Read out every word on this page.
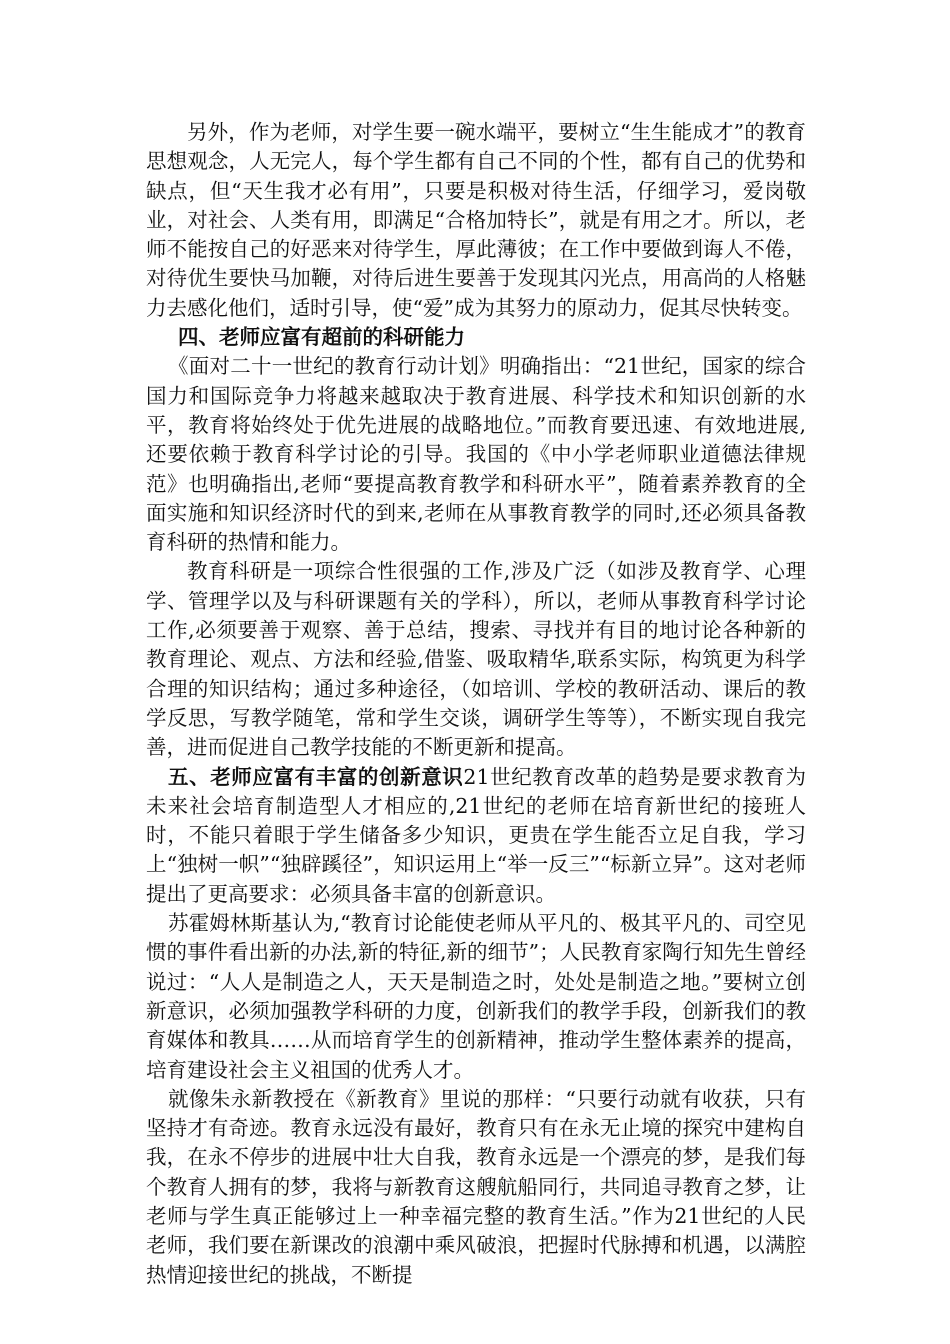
另外，作为老师，对学生要一碗水端平，要树立“生生能成才”的教育思想观念，人无完人，每个学生都有自己不同的个性，都有自己的优势和缺点，但“天生我才必有用”，只要是积极对待生活，仔细学习，爱岗敬业，对社会、人类有用，即满足“合格加特长”，就是有用之才。所以，老师不能按自己的好恶来对待学生，厚此薄彼；在工作中要做到诲人不倦，对待优生要快马加鞭，对待后进生要善于发现其闪光点，用高尚的人格魅力去感化他们，适时引导，使“爱”成为其努力的原动力，促其尽快转变。

四、老师应富有超前的科研能力

《面对二十一世纪的教育行动计划》明确指出：“21世纪，国家的综合国力和国际竞争力将越来越取决于教育进展、科学技术和知识创新的水平，教育将始终处于优先进展的战略地位。”而教育要迅速、有效地进展,还要依赖于教育科学讨论的引导。我国的《中小学老师职业道德法律规范》也明确指出,老师“要提高教育教学和科研水平”，随着素养教育的全面实施和知识经济时代的到来,老师在从事教育教学的同时,还必须具备教育科研的热情和能力。

教育科研是一项综合性很强的工作,涉及广泛（如涉及教育学、心理学、管理学以及与科研课题有关的学科），所以，老师从事教育科学讨论工作,必须要善于观察、善于总结，搜索、寻找并有目的地讨论各种新的教育理论、观点、方法和经验,借鉴、吸取精华,联系实际，构筑更为科学合理的知识结构；通过多种途径，（如培训、学校的教研活动、课后的教学反思，写教学随笔，常和学生交谈，调研学生等等），不断实现自我完善，进而促进自己教学技能的不断更新和提高。

五、老师应富有丰富的创新意识21世纪教育改革的趋势是要求教育为未来社会培育制造型人才相应的,21世纪的老师在培育新世纪的接班人时，不能只着眼于学生储备多少知识，更贵在学生能否立足自我，学习上“独树一帜”“独辟蹊径”，知识运用上“举一反三”“标新立异”。这对老师提出了更高要求：必须具备丰富的创新意识。

苏霍姆林斯基认为,“教育讨论能使老师从平凡的、极其平凡的、司空见惯的事件看出新的办法,新的特征,新的细节”；人民教育家陶行知先生曾经说过：“人人是制造之人，天天是制造之时，处处是制造之地。”要树立创新意识，必须加强教学科研的力度，创新我们的教学手段，创新我们的教育媒体和教具……从而培育学生的创新精神，推动学生整体素养的提高，培育建设社会主义祖国的优秀人才。

就像朱永新教授在《新教育》里说的那样：“只要行动就有收获，只有坚持才有奇迹。教育永远没有最好，教育只有在永无止境的探究中建构自我，在永不停步的进展中壮大自我，教育永远是一个漂亮的梦，是我们每个教育人拥有的梦，我将与新教育这艘航船同行，共同追寻教育之梦，让老师与学生真正能够过上一种幸福完整的教育生活。”作为21世纪的人民老师，我们要在新课改的浪潮中乘风破浪，把握时代脉搏和机遇，以满腔热情迎接世纪的挑战，不断提
